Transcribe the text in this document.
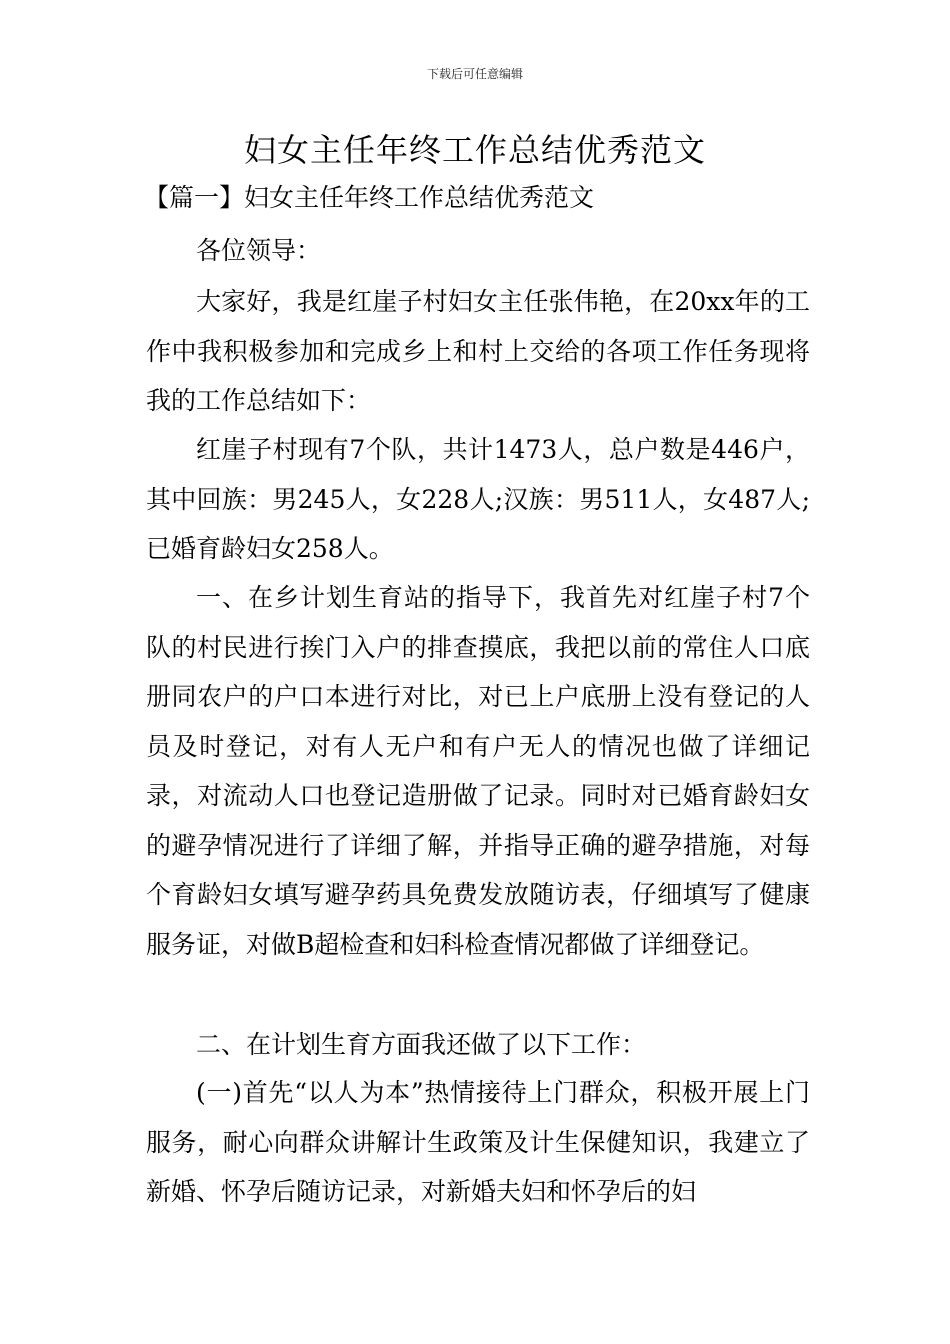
下载后可任意编辑
妇女主任年终工作总结优秀范文
【篇一】妇女主任年终工作总结优秀范文

各位领导：

大家好，我是红崖子村妇女主任张伟艳，在20xx年的工作中我积极参加和完成乡上和村上交给的各项工作任务现将我的工作总结如下：

红崖子村现有7个队，共计1473人，总户数是446户，其中回族：男245人，女228人;汉族：男511人，女487人;已婚育龄妇女258人。

一、在乡计划生育站的指导下，我首先对红崖子村7个队的村民进行挨门入户的排查摸底，我把以前的常住人口底册同农户的户口本进行对比，对已上户底册上没有登记的人员及时登记，对有人无户和有户无人的情况也做了详细记录，对流动人口也登记造册做了记录。同时对已婚育龄妇女的避孕情况进行了详细了解，并指导正确的避孕措施，对每个育龄妇女填写避孕药具免费发放随访表，仔细填写了健康服务证，对做B超检查和妇科检查情况都做了详细登记。

二、在计划生育方面我还做了以下工作：

(一)首先“以人为本”热情接待上门群众，积极开展上门服务，耐心向群众讲解计生政策及计生保健知识，我建立了新婚、怀孕后随访记录，对新婚夫妇和怀孕后的妇
